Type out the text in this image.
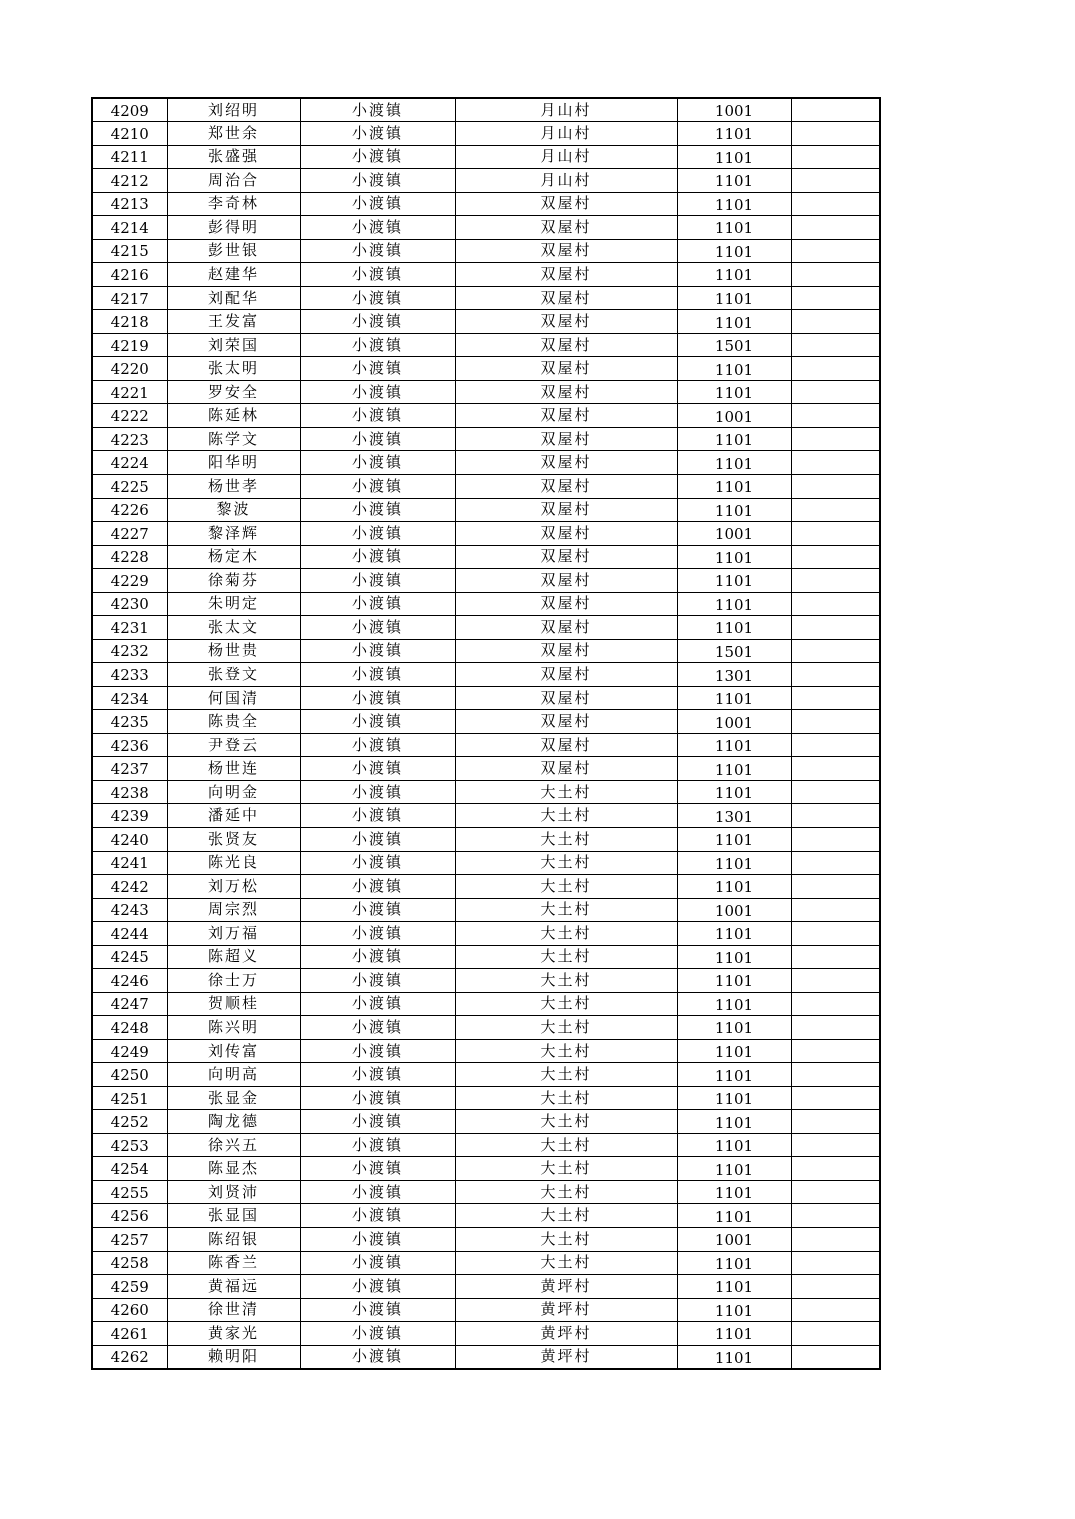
4209	刘绍明	小渡镇	月山村	1001	
4210	郑世余	小渡镇	月山村	1101	
4211	张盛强	小渡镇	月山村	1101	
4212	周治合	小渡镇	月山村	1101	
4213	李奇林	小渡镇	双屋村	1101	
4214	彭得明	小渡镇	双屋村	1101	
4215	彭世银	小渡镇	双屋村	1101	
4216	赵建华	小渡镇	双屋村	1101	
4217	刘配华	小渡镇	双屋村	1101	
4218	王发富	小渡镇	双屋村	1101	
4219	刘荣国	小渡镇	双屋村	1501	
4220	张太明	小渡镇	双屋村	1101	
4221	罗安全	小渡镇	双屋村	1101	
4222	陈延林	小渡镇	双屋村	1001	
4223	陈学文	小渡镇	双屋村	1101	
4224	阳华明	小渡镇	双屋村	1101	
4225	杨世孝	小渡镇	双屋村	1101	
4226	黎波	小渡镇	双屋村	1101	
4227	黎泽辉	小渡镇	双屋村	1001	
4228	杨定木	小渡镇	双屋村	1101	
4229	徐菊芬	小渡镇	双屋村	1101	
4230	朱明定	小渡镇	双屋村	1101	
4231	张太文	小渡镇	双屋村	1101	
4232	杨世贵	小渡镇	双屋村	1501	
4233	张登文	小渡镇	双屋村	1301	
4234	何国清	小渡镇	双屋村	1101	
4235	陈贵全	小渡镇	双屋村	1001	
4236	尹登云	小渡镇	双屋村	1101	
4237	杨世连	小渡镇	双屋村	1101	
4238	向明金	小渡镇	大土村	1101	
4239	潘延中	小渡镇	大土村	1301	
4240	张贤友	小渡镇	大土村	1101	
4241	陈光良	小渡镇	大土村	1101	
4242	刘万松	小渡镇	大土村	1101	
4243	周宗烈	小渡镇	大土村	1001	
4244	刘万福	小渡镇	大土村	1101	
4245	陈超义	小渡镇	大土村	1101	
4246	徐士万	小渡镇	大土村	1101	
4247	贺顺桂	小渡镇	大土村	1101	
4248	陈兴明	小渡镇	大土村	1101	
4249	刘传富	小渡镇	大土村	1101	
4250	向明高	小渡镇	大土村	1101	
4251	张显金	小渡镇	大土村	1101	
4252	陶龙德	小渡镇	大土村	1101	
4253	徐兴五	小渡镇	大土村	1101	
4254	陈显杰	小渡镇	大土村	1101	
4255	刘贤沛	小渡镇	大土村	1101	
4256	张显国	小渡镇	大土村	1101	
4257	陈绍银	小渡镇	大土村	1001	
4258	陈香兰	小渡镇	大土村	1101	
4259	黄福远	小渡镇	黄坪村	1101	
4260	徐世清	小渡镇	黄坪村	1101	
4261	黄家光	小渡镇	黄坪村	1101	
4262	赖明阳	小渡镇	黄坪村	1101	
